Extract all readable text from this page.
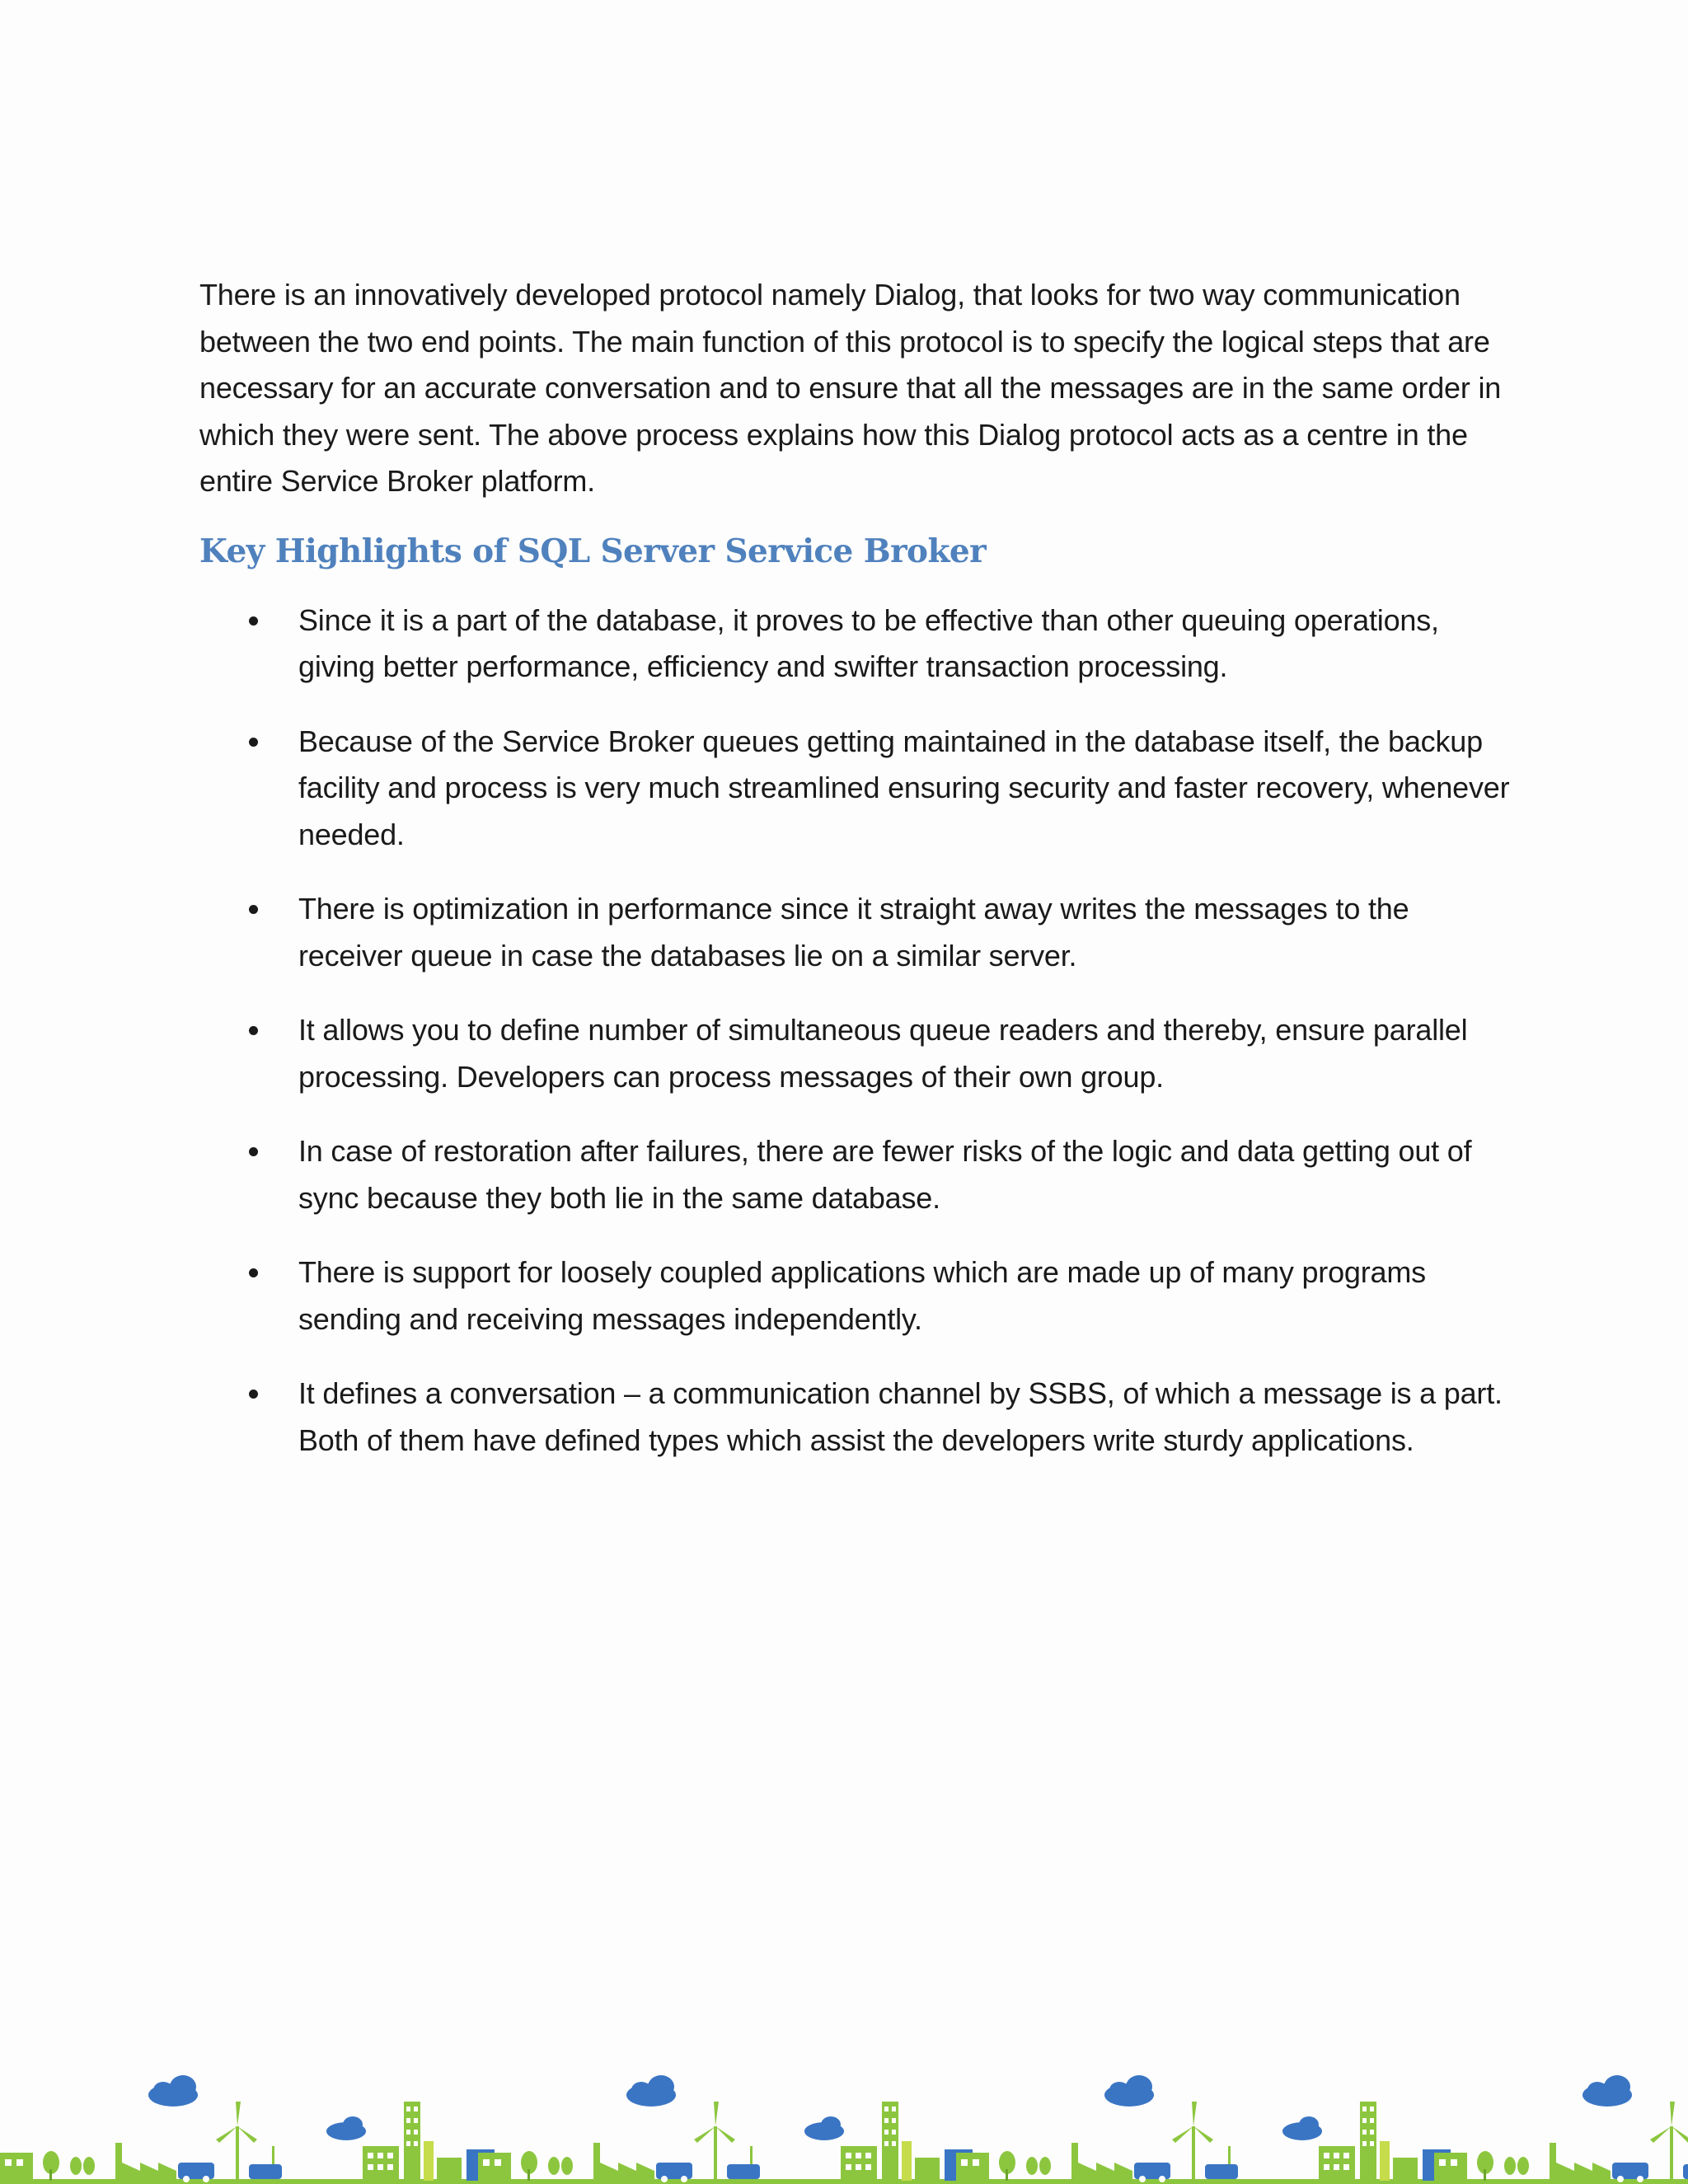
There is an innovatively developed protocol namely Dialog, that looks for two way communication between the two end points. The main function of this protocol is to specify the logical steps that are necessary for an accurate conversation and to ensure that all the messages are in the same order in which they were sent. The above process explains how this Dialog protocol acts as a centre in the entire Service Broker platform.

Key Highlights of SQL Server Service Broker
Since it is a part of the database, it proves to be effective than other queuing operations, giving better performance, efficiency and swifter transaction processing.
Because of the Service Broker queues getting maintained in the database itself, the backup facility and process is very much streamlined ensuring security and faster recovery, whenever needed.
There is optimization in performance since it straight away writes the messages to the receiver queue in case the databases lie on a similar server.
It allows you to define number of simultaneous queue readers and thereby, ensure parallel processing. Developers can process messages of their own group.
In case of restoration after failures, there are fewer risks of the logic and data getting out of sync because they both lie in the same database.
There is support for loosely coupled applications which are made up of many programs sending and receiving messages independently.
It defines a conversation – a communication channel by SSBS, of which a message is a part. Both of them have defined types which assist the developers write sturdy applications.
